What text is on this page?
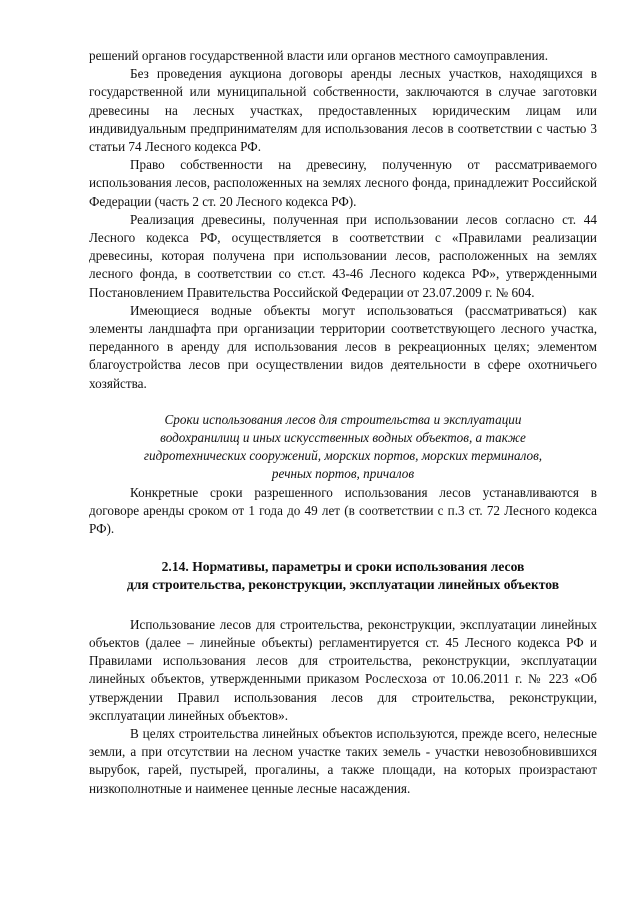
решений органов государственной власти или органов местного самоуправления.

Без проведения аукциона договоры аренды лесных участков, находящихся в государственной или муниципальной собственности, заключаются в случае заготовки древесины на лесных участках, предоставленных юридическим лицам или индивидуальным предпринимателям для использования лесов в соответствии с частью 3 статьи 74 Лесного кодекса РФ.

Право собственности на древесину, полученную от рассматриваемого использования лесов, расположенных на землях лесного фонда, принадлежит Российской Федерации (часть 2 ст. 20 Лесного кодекса РФ).

Реализация древесины, полученная при использовании лесов согласно ст. 44 Лесного кодекса РФ, осуществляется в соответствии с «Правилами реализации древесины, которая получена при использовании лесов, расположенных на землях лесного фонда, в соответствии со ст.ст. 43-46 Лесного кодекса РФ», утвержденными Постановлением Правительства Российской Федерации от 23.07.2009 г. № 604.

Имеющиеся водные объекты могут использоваться (рассматриваться) как элементы ландшафта при организации территории соответствующего лесного участка, переданного в аренду для использования лесов в рекреационных целях; элементом благоустройства лесов при осуществлении видов деятельности в сфере охотничьего хозяйства.

Сроки использования лесов для строительства и эксплуатации
водохранилищ и иных искусственных водных объектов, а также
гидротехнических сооружений, морских портов, морских терминалов,
речных портов, причалов

Конкретные сроки разрешенного использования лесов устанавливаются в договоре аренды сроком от 1 года до 49 лет (в соответствии с п.3 ст. 72 Лесного кодекса РФ).

2.14. Нормативы, параметры и сроки использования лесов
для строительства, реконструкции, эксплуатации линейных объектов

Использование лесов для строительства, реконструкции, эксплуатации линейных объектов (далее – линейные объекты) регламентируется ст. 45 Лесного кодекса РФ и Правилами использования лесов для строительства, реконструкции, эксплуатации линейных объектов, утвержденными приказом Рослесхоза от 10.06.2011 г. № 223 «Об утверждении Правил использования лесов для строительства, реконструкции, эксплуатации линейных объектов».

В целях строительства линейных объектов используются, прежде всего, нелесные земли, а при отсутствии на лесном участке таких земель - участки невозобновившихся вырубок, гарей, пустырей, прогалины, а также площади, на которых произрастают низкополнотные и наименее ценные лесные насаждения.
